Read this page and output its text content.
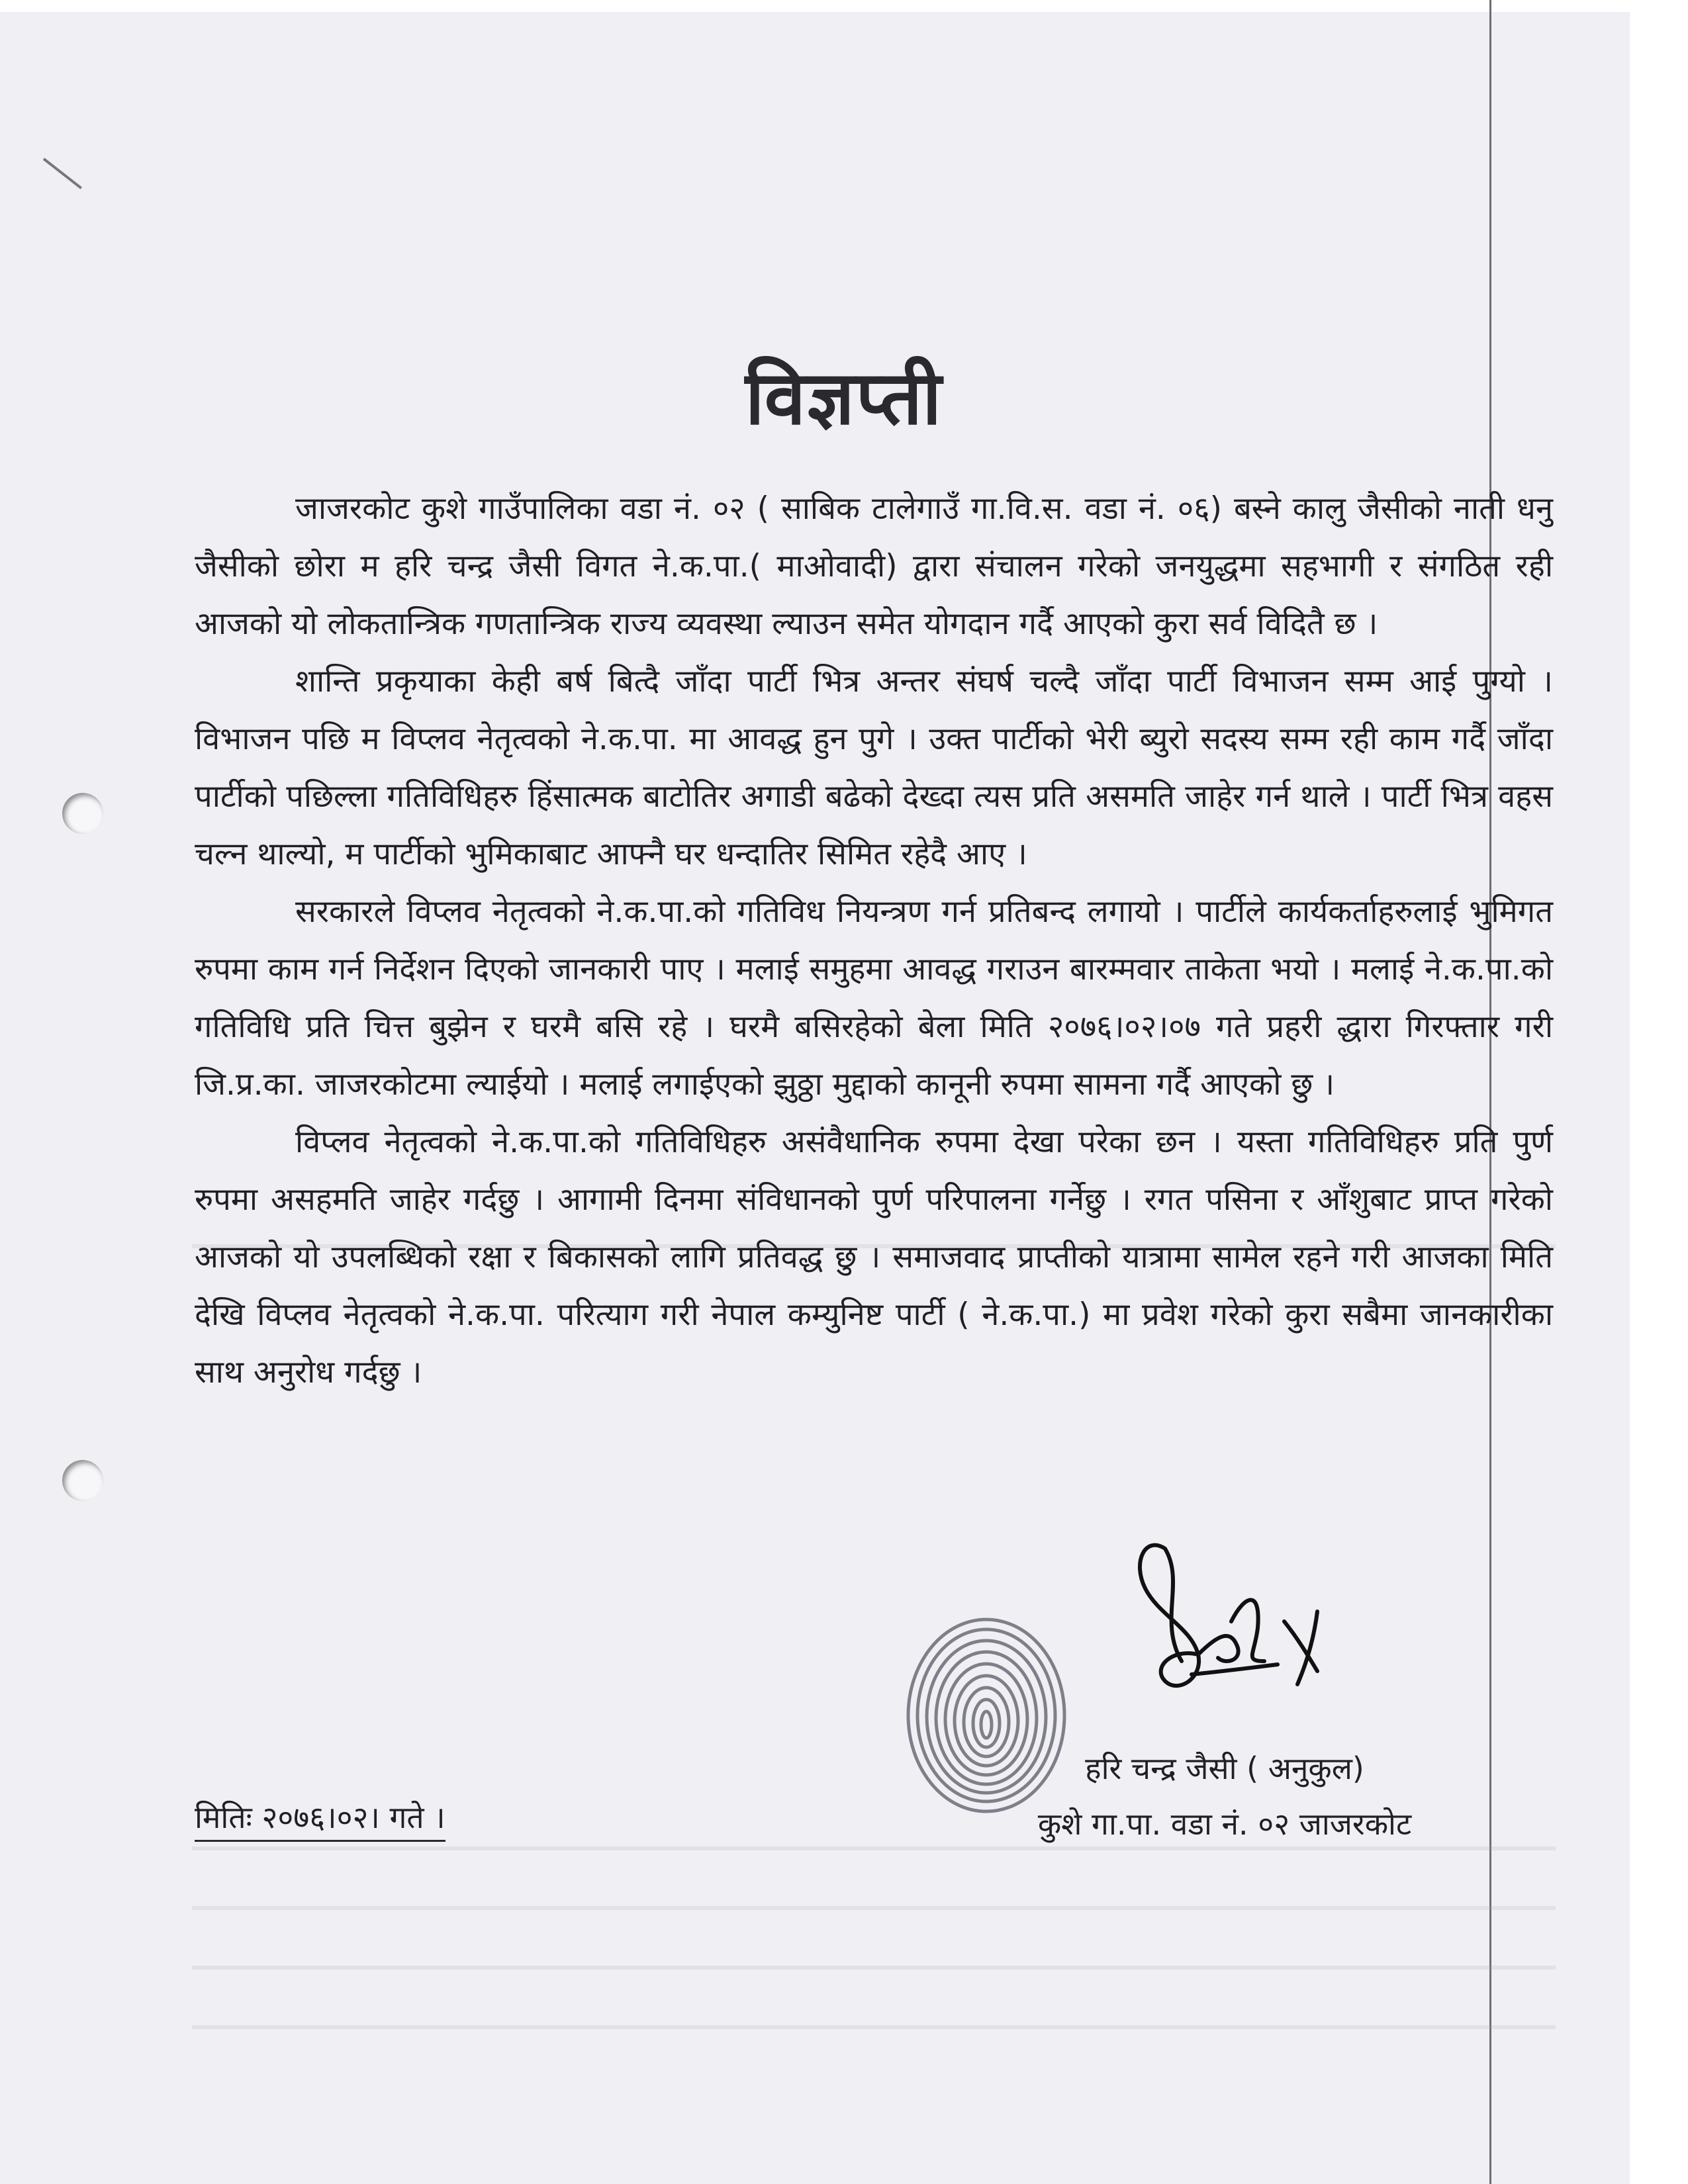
विज्ञप्ती

जाजरकोट कुशे गाउँपालिका वडा नं. ०२ ( साबिक टालेगाउँ गा.वि.स. वडा नं. ०६) बस्ने कालु जैसीको नाती धनु जैसीको छोरा म हरि चन्द्र जैसी विगत ने.क.पा.( माओवादी) द्वारा संचालन गरेको जनयुद्धमा सहभागी र संगठित रही आजको यो लोकतान्त्रिक गणतान्त्रिक राज्य व्यवस्था ल्याउन समेत योगदान गर्दै आएको कुरा सर्व विदितै छ ।

शान्ति प्रकृयाका केही बर्ष बित्दै जाँदा पार्टी भित्र अन्तर संघर्ष चल्दै जाँदा पार्टी विभाजन सम्म आई पुग्यो । विभाजन पछि म विप्लव नेतृत्वको ने.क.पा. मा आवद्ध हुन पुगे । उक्त पार्टीको भेरी ब्युरो सदस्य सम्म रही काम गर्दै जाँदा पार्टीको पछिल्ला गतिविधिहरु हिंसात्मक बाटोतिर अगाडी बढेको देख्दा त्यस प्रति असमति जाहेर गर्न थाले । पार्टी भित्र वहस चल्न थाल्यो, म पार्टीको भुमिकाबाट आफ्नै घर धन्दातिर सिमित रहेदै आए ।

सरकारले विप्लव नेतृत्वको ने.क.पा.को गतिविध नियन्त्रण गर्न प्रतिबन्द लगायो । पार्टीले कार्यकर्ताहरुलाई भुमिगत रुपमा काम गर्न निर्देशन दिएको जानकारी पाए । मलाई समुहमा आवद्ध गराउन बारम्मवार ताकेता भयो । मलाई ने.क.पा.को गतिविधि प्रति चित्त बुझेन र घरमै बसि रहे । घरमै बसिरहेको बेला मिति २०७६।०२।०७ गते प्रहरी द्धारा गिरफ्तार गरी जि.प्र.का. जाजरकोटमा ल्याईयो । मलाई लगाईएको झुठ्ठा मुद्दाको कानूनी रुपमा सामना गर्दै आएको छु ।

विप्लव नेतृत्वको ने.क.पा.को गतिविधिहरु असंवैधानिक रुपमा देखा परेका छन । यस्ता गतिविधिहरु प्रति पुर्ण रुपमा असहमति जाहेर गर्दछु । आगामी दिनमा संविधानको पुर्ण परिपालना गर्नेछु । रगत पसिना र आँशुबाट प्राप्त गरेको आजको यो उपलब्धिको रक्षा र बिकासको लागि प्रतिवद्ध छु । समाजवाद प्राप्तीको यात्रामा सामेल रहने गरी आजका मिति देखि विप्लव नेतृत्वको ने.क.पा. परित्याग गरी नेपाल कम्युनिष्ट पार्टी ( ने.क.पा.) मा प्रवेश गरेको कुरा सबैमा जानकारीका साथ अनुरोध गर्दछु ।

हरि चन्द्र जैसी ( अनुकुल)
कुशे गा.पा. वडा नं. ०२ जाजरकोट
मितिः २०७६।०२। गते ।
